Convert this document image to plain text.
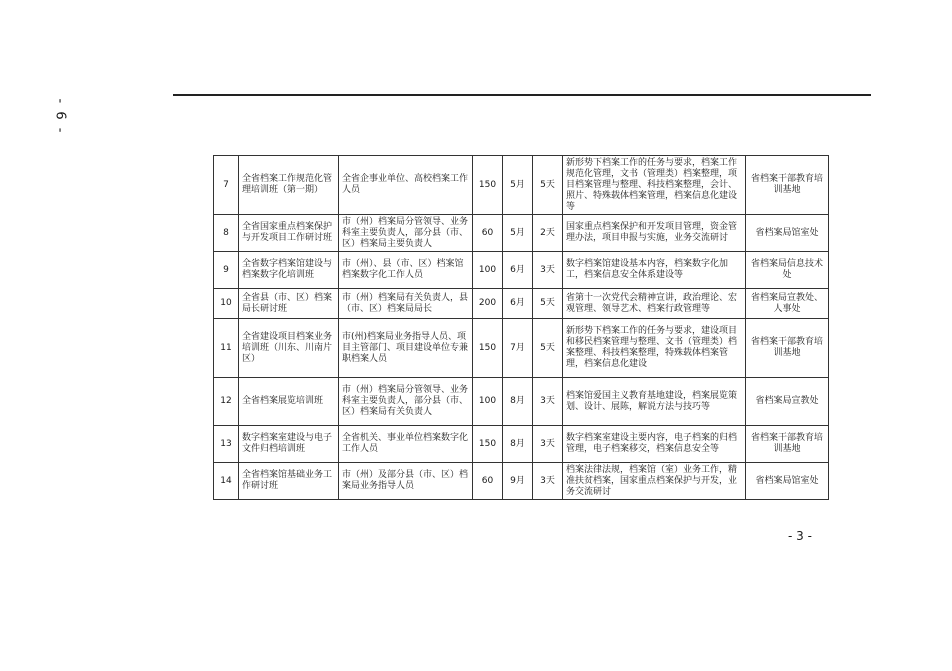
- 6 -
7	全省档案工作规范化管理培训班（第一期）	全省企事业单位、高校档案工作人员	150	5月	5天	新形势下档案工作的任务与要求，档案工作规范化管理，文书（管理类）档案整理，项目档案管理与整理、科技档案整理，会计、照片、特殊载体档案管理，档案信息化建设等	省档案干部教育培训基地
8	全省国家重点档案保护与开发项目工作研讨班	市（州）档案局分管领导、业务科室主要负责人，部分县（市、区）档案局主要负责人	60	5月	2天	国家重点档案保护和开发项目管理，资金管理办法，项目申报与实施，业务交流研讨	省档案局馆室处
9	全省数字档案馆建设与档案数字化培训班	市（州）、县（市、区）档案馆档案数字化工作人员	100	6月	3天	数字档案馆建设基本内容，档案数字化加工，档案信息安全体系建设等	省档案局信息技术处
10	全省县（市、区）档案局长研讨班	市（州）档案局有关负责人，县（市、区）档案局局长	200	6月	5天	省第十一次党代会精神宣讲，政治理论、宏观管理、领导艺术、档案行政管理等	省档案局宣教处、人事处
11	全省建设项目档案业务培训班（川东、川南片区）	市(州)档案局业务指导人员、项目主管部门、项目建设单位专兼职档案人员	150	7月	5天	新形势下档案工作的任务与要求，建设项目和移民档案管理与整理、文书（管理类）档案整理、科技档案整理，特殊载体档案管理，档案信息化建设	省档案干部教育培训基地
12	全省档案展览培训班	市（州）档案局分管领导、业务科室主要负责人，部分县（市、区）档案局有关负责人	100	8月	3天	档案馆爱国主义教育基地建设，档案展览策划、设计、展陈，解说方法与技巧等	省档案局宣教处
13	数字档案室建设与电子文件归档培训班	全省机关、事业单位档案数字化工作人员	150	8月	3天	数字档案室建设主要内容，电子档案的归档管理，电子档案移交，档案信息安全等	省档案干部教育培训基地
14	全省档案馆基础业务工作研讨班	市（州）及部分县（市、区）档案局业务指导人员	60	9月	3天	档案法律法规，档案馆（室）业务工作，精准扶贫档案，国家重点档案保护与开发，业务交流研讨	省档案局馆室处
- 3 -
